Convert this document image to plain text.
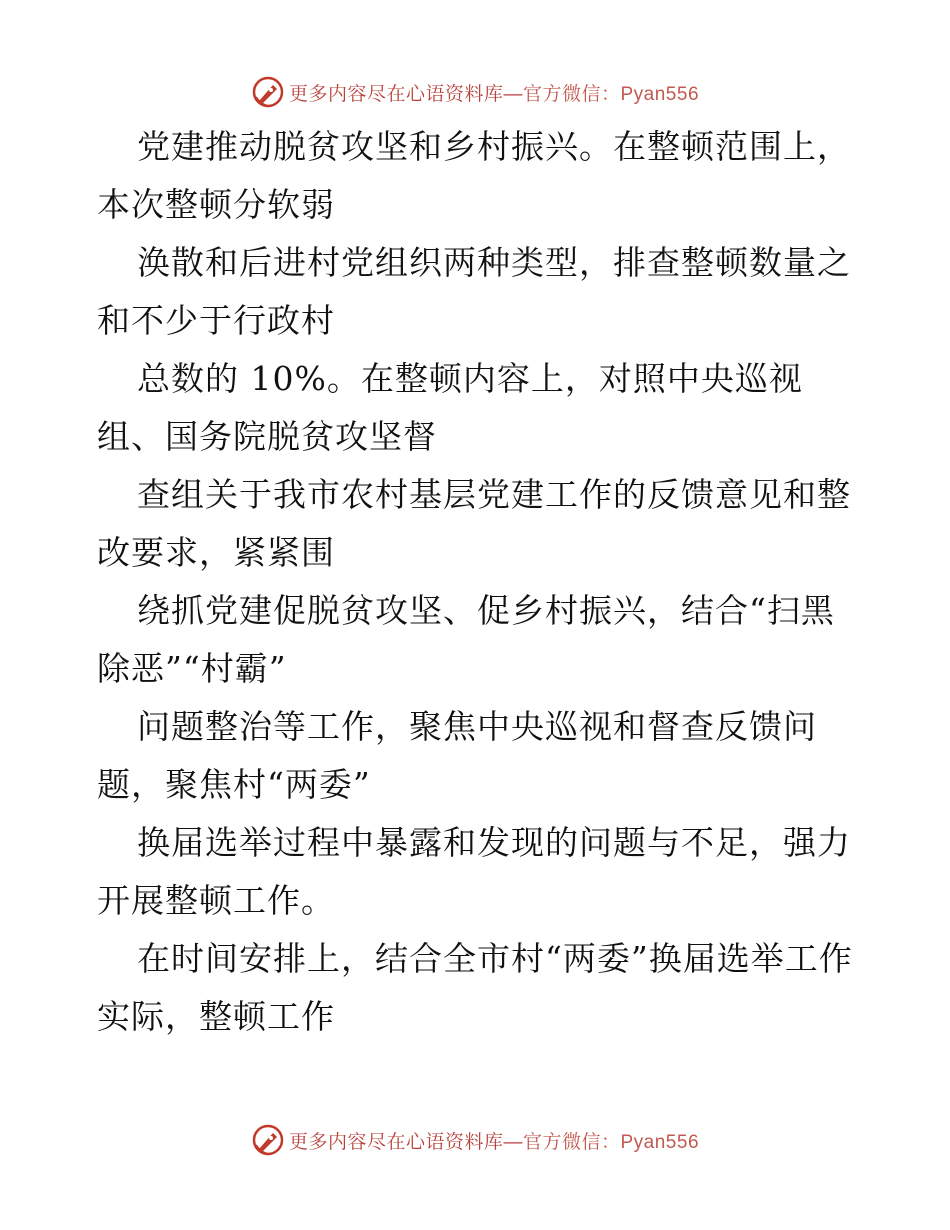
更多内容尽在心语资料库—官方微信：Pyan556

党建推动脱贫攻坚和乡村振兴。在整顿范围上，本次整顿分软弱

涣散和后进村党组织两种类型，排查整顿数量之和不少于行政村

总数的 10%。在整顿内容上，对照中央巡视组、国务院脱贫攻坚督

查组关于我市农村基层党建工作的反馈意见和整改要求，紧紧围

绕抓党建促脱贫攻坚、促乡村振兴，结合“扫黑除恶”“村霸”

问题整治等工作，聚焦中央巡视和督查反馈问题，聚焦村“两委”

换届选举过程中暴露和发现的问题与不足，强力开展整顿工作。

在时间安排上，结合全市村“两委”换届选举工作实际，整顿工作

更多内容尽在心语资料库—官方微信：Pyan556
